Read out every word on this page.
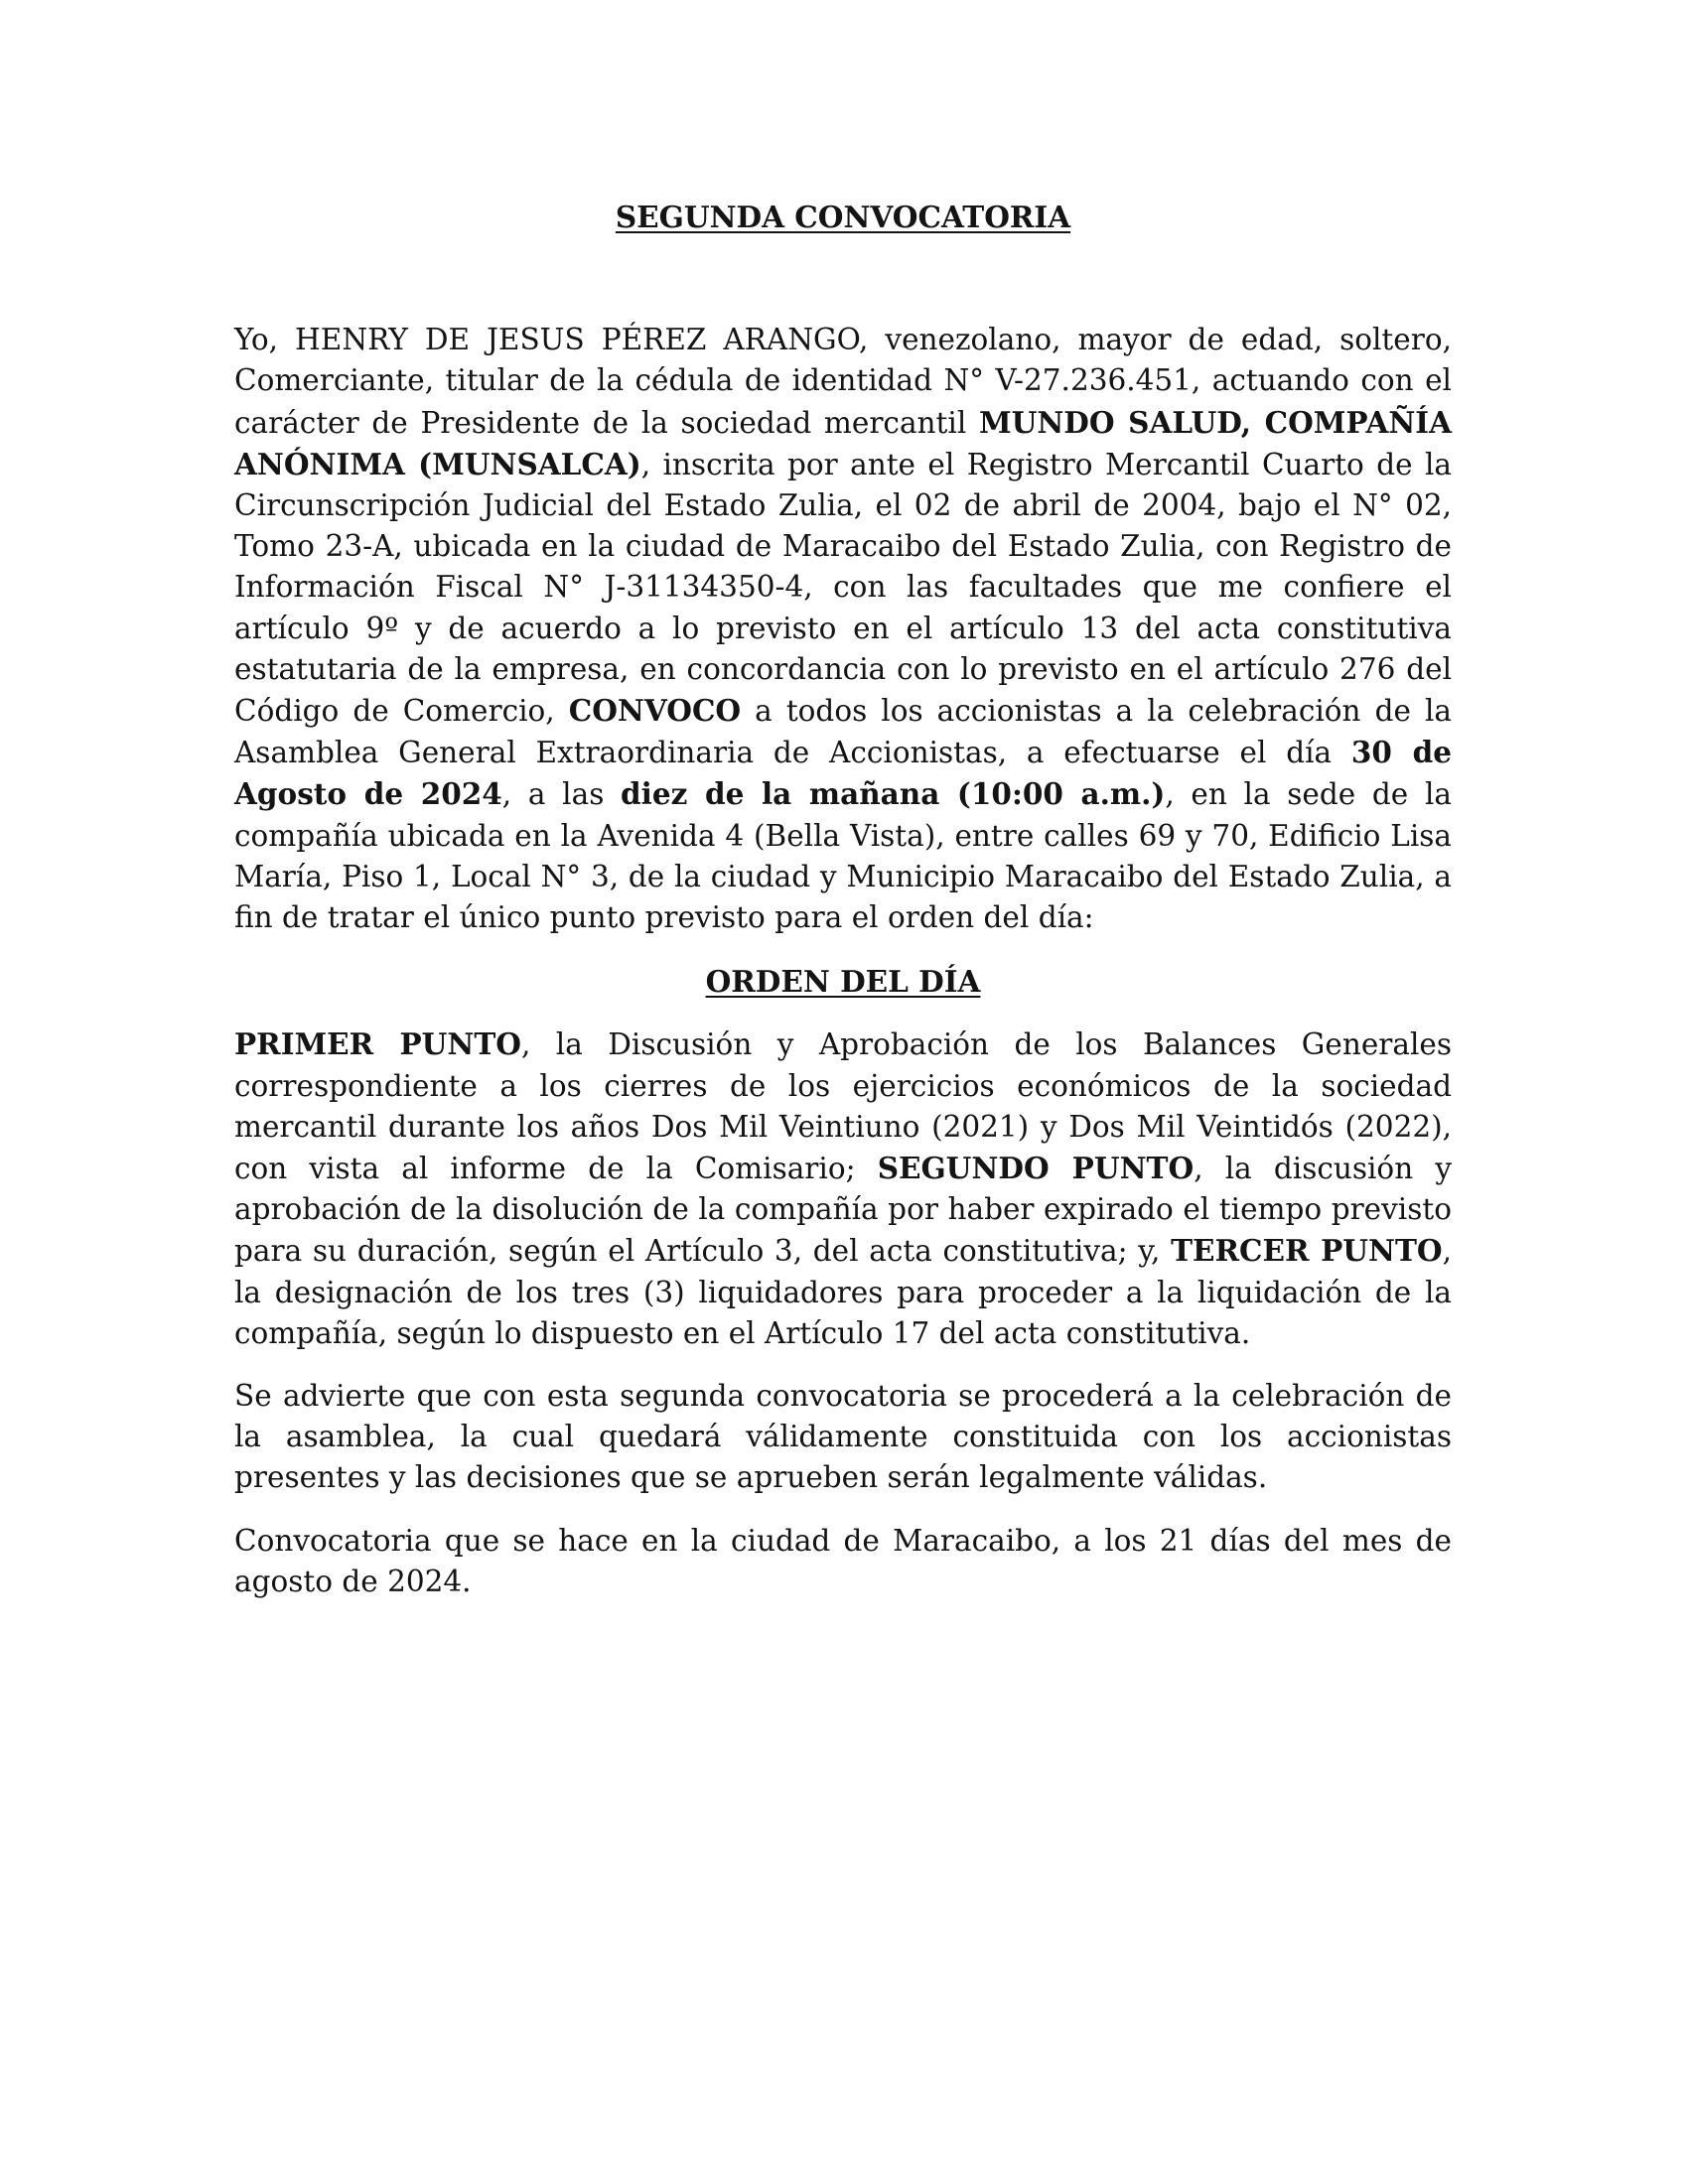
SEGUNDA CONVOCATORIA

Yo, HENRY DE JESUS PÉREZ ARANGO, venezolano, mayor de edad, soltero, Comerciante, titular de la cédula de identidad N° V-27.236.451, actuando con el carácter de Presidente de la sociedad mercantil MUNDO SALUD, COMPAÑÍA ANÓNIMA (MUNSALCA), inscrita por ante el Registro Mercantil Cuarto de la Circunscripción Judicial del Estado Zulia, el 02 de abril de 2004, bajo el N° 02, Tomo 23-A, ubicada en la ciudad de Maracaibo del Estado Zulia, con Registro de Información Fiscal N° J-31134350-4, con las facultades que me confiere el artículo 9º y de acuerdo a lo previsto en el artículo 13 del acta constitutiva estatutaria de la empresa, en concordancia con lo previsto en el artículo 276 del Código de Comercio, CONVOCO a todos los accionistas a la celebración de la Asamblea General Extraordinaria de Accionistas, a efectuarse el día 30 de Agosto de 2024, a las diez de la mañana (10:00 a.m.), en la sede de la compañía ubicada en la Avenida 4 (Bella Vista), entre calles 69 y 70, Edificio Lisa María, Piso 1, Local N° 3, de la ciudad y Municipio Maracaibo del Estado Zulia, a fin de tratar el único punto previsto para el orden del día:

ORDEN DEL DÍA

PRIMER PUNTO, la Discusión y Aprobación de los Balances Generales correspondiente a los cierres de los ejercicios económicos de la sociedad mercantil durante los años Dos Mil Veintiuno (2021) y Dos Mil Veintidós (2022), con vista al informe de la Comisario; SEGUNDO PUNTO, la discusión y aprobación de la disolución de la compañía por haber expirado el tiempo previsto para su duración, según el Artículo 3, del acta constitutiva; y, TERCER PUNTO, la designación de los tres (3) liquidadores para proceder a la liquidación de la compañía, según lo dispuesto en el Artículo 17 del acta constitutiva.

Se advierte que con esta segunda convocatoria se procederá a la celebración de la asamblea, la cual quedará válidamente constituida con los accionistas presentes y las decisiones que se aprueben serán legalmente válidas.

Convocatoria que se hace en la ciudad de Maracaibo, a los 21 días del mes de agosto de 2024.
